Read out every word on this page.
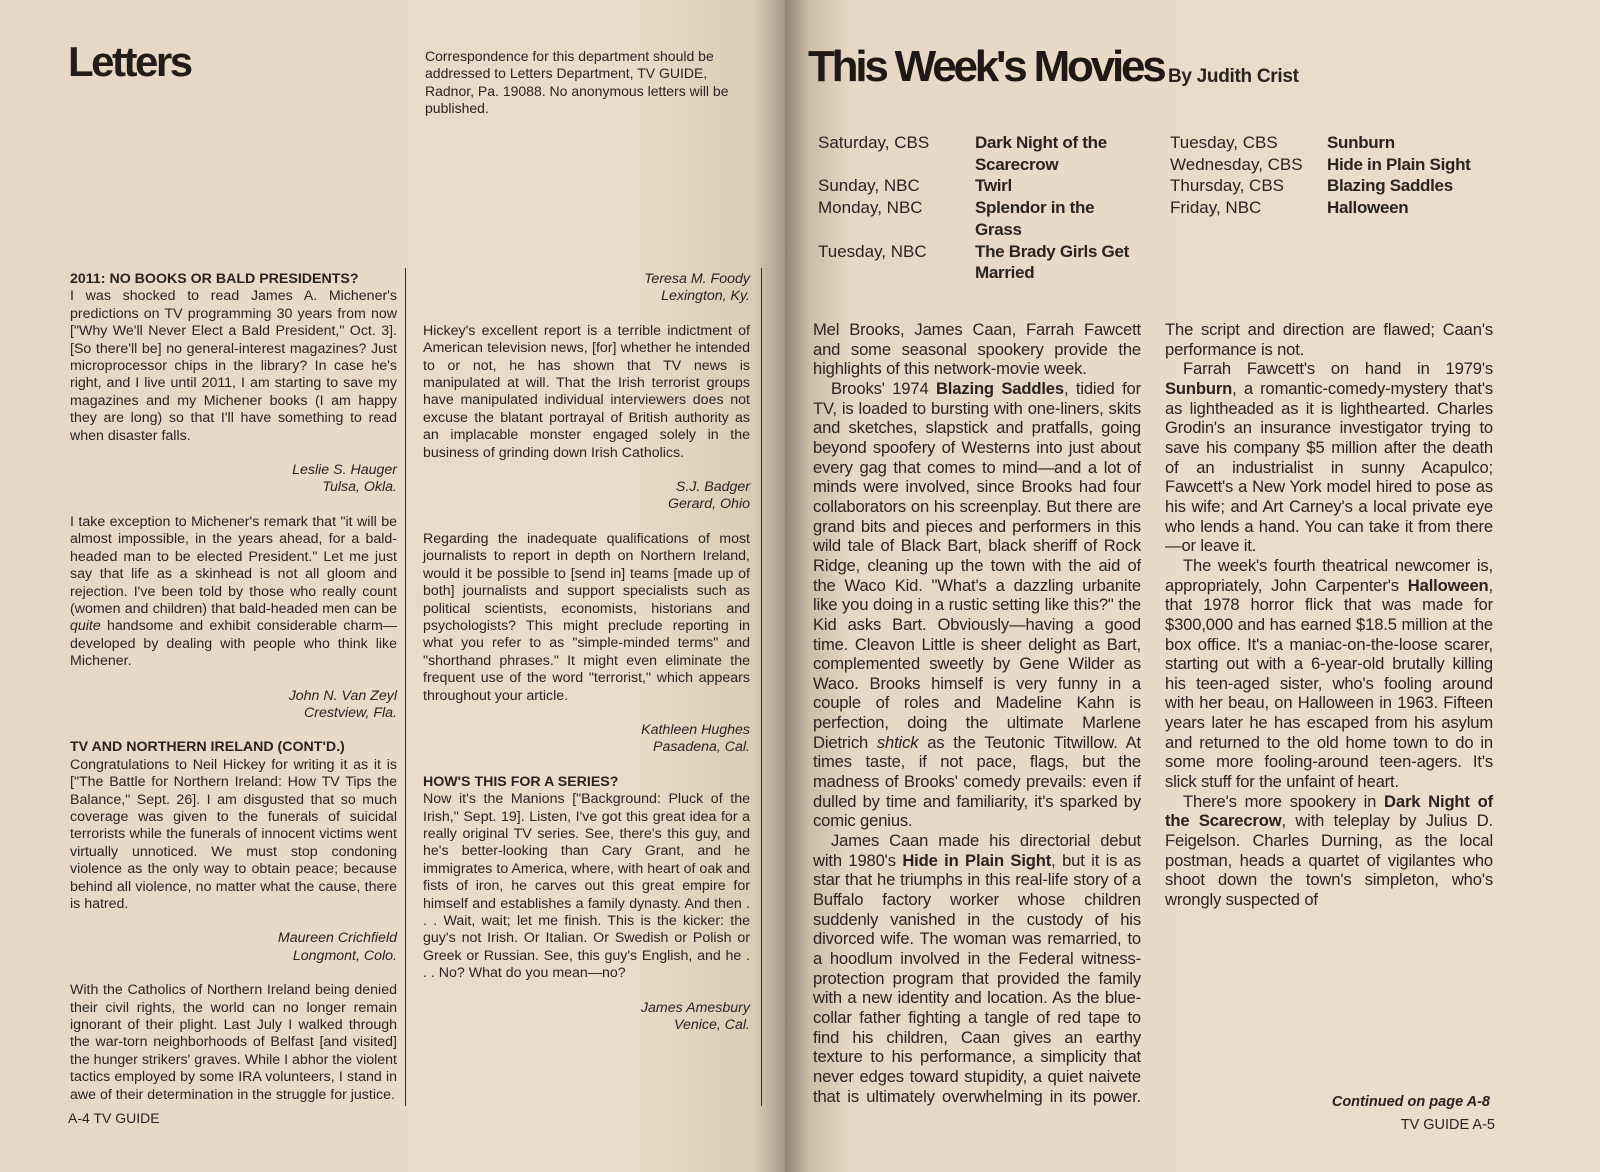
Letters	Correspondence for this department should be addressed to Letters Department, TV GUIDE, Radnor, Pa. 19088. No anonymous letters will be published.
2011: NO BOOKS OR BALD PRESIDENTS?

I was shocked to read James A. Michener's predictions on TV programming 30 years from now ["Why We'll Never Elect a Bald President," Oct. 3]. [So there'll be] no general-interest magazines? Just microprocessor chips in the library? In case he's right, and I live until 2011, I am starting to save my magazines and my Michener books (I am happy they are long) so that I'll have something to read when disaster falls.

Leslie S. Hauger
Tulsa, Okla.

I take exception to Michener's remark that "it will be almost impossible, in the years ahead, for a bald-headed man to be elected President." Let me just say that life as a skinhead is not all gloom and rejection. I've been told by those who really count (women and children) that bald-headed men can be quite handsome and exhibit considerable charm—developed by dealing with people who think like Michener.

John N. Van Zeyl
Crestview, Fla.
TV AND NORTHERN IRELAND (CONT'D.)

Congratulations to Neil Hickey for writing it as it is ["The Battle for Northern Ireland: How TV Tips the Balance," Sept. 26]. I am disgusted that so much coverage was given to the funerals of suicidal terrorists while the funerals of innocent victims went virtually unnoticed. We must stop condoning violence as the only way to obtain peace; because behind all violence, no matter what the cause, there is hatred.

Maureen Crichfield
Longmont, Colo.

With the Catholics of Northern Ireland being denied their civil rights, the world can no longer remain ignorant of their plight. Last July I walked through the war-torn neighborhoods of Belfast [and visited] the hunger strikers' graves. While I abhor the violent tactics employed by some IRA volunteers, I stand in awe of their determination in the struggle for justice.

Teresa M. Foody
Lexington, Ky.

Hickey's excellent report is a terrible indictment of American television news, [for] whether he intended to or not, he has shown that TV news is manipulated at will. That the Irish terrorist groups have manipulated individual interviewers does not excuse the blatant portrayal of British authority as an implacable monster engaged solely in the business of grinding down Irish Catholics.

S.J. Badger
Gerard, Ohio

Regarding the inadequate qualifications of most journalists to report in depth on Northern Ireland, would it be possible to [send in] teams [made up of both] journalists and support specialists such as political scientists, economists, historians and psychologists? This might preclude reporting in what you refer to as "simple-minded terms" and "shorthand phrases." It might even eliminate the frequent use of the word "terrorist," which appears throughout your article.

Kathleen Hughes
Pasadena, Cal.
HOW'S THIS FOR A SERIES?

Now it's the Manions ["Background: Pluck of the Irish," Sept. 19]. Listen, I've got this great idea for a really original TV series. See, there's this guy, and he's better-looking than Cary Grant, and he immigrates to America, where, with heart of oak and fists of iron, he carves out this great empire for himself and establishes a family dynasty. And then . . . Wait, wait; let me finish. This is the kicker: the guy's not Irish. Or Italian. Or Swedish or Polish or Greek or Russian. See, this guy's English, and he . . . No? What do you mean—no?

James Amesbury
Venice, Cal.
A-4 TV GUIDE
This Week's Movies By Judith Crist
Saturday, CBS	Dark Night of the Scarecrow
Sunday, NBC	Twirl
Monday, NBC	Splendor in the Grass
Tuesday, NBC	The Brady Girls Get Married
Tuesday, CBS	Sunburn
Wednesday, CBS	Hide in Plain Sight
Thursday, CBS	Blazing Saddles
Friday, NBC	Halloween

Mel Brooks, James Caan, Farrah Fawcett and some seasonal spookery provide the highlights of this network-movie week.

Brooks' 1974 Blazing Saddles, tidied for TV, is loaded to bursting with one-liners, skits and sketches, slapstick and pratfalls, going beyond spoofery of Westerns into just about every gag that comes to mind—and a lot of minds were involved, since Brooks had four collaborators on his screenplay. But there are grand bits and pieces and performers in this wild tale of Black Bart, black sheriff of Rock Ridge, cleaning up the town with the aid of the Waco Kid. "What's a dazzling urbanite like you doing in a rustic setting like this?" the Kid asks Bart. Obviously—having a good time. Cleavon Little is sheer delight as Bart, complemented sweetly by Gene Wilder as Waco. Brooks himself is very funny in a couple of roles and Madeline Kahn is perfection, doing the ultimate Marlene Dietrich shtick as the Teutonic Titwillow. At times taste, if not pace, flags, but the madness of Brooks' comedy prevails: even if dulled by time and familiarity, it's sparked by comic genius.

James Caan made his directorial debut with 1980's Hide in Plain Sight, but it is as star that he triumphs in this real-life story of a Buffalo factory worker whose children suddenly vanished in the custody of his divorced wife. The woman was remarried, to a hoodlum involved in the Federal witness-protection program that provided the family with a new identity and location. As the blue-collar father fighting a tangle of red tape to find his children, Caan gives an earthy texture to his performance, a simplicity that never edges toward stupidity, a quiet naivete that is ultimately overwhelming in its power. The script and direction are flawed; Caan's performance is not.

Farrah Fawcett's on hand in 1979's Sunburn, a romantic-comedy-mystery that's as lightheaded as it is lighthearted. Charles Grodin's an insurance investigator trying to save his company $5 million after the death of an industrialist in sunny Acapulco; Fawcett's a New York model hired to pose as his wife; and Art Carney's a local private eye who lends a hand. You can take it from there—or leave it.

The week's fourth theatrical newcomer is, appropriately, John Carpenter's Halloween, that 1978 horror flick that was made for $300,000 and has earned $18.5 million at the box office. It's a maniac-on-the-loose scarer, starting out with a 6-year-old brutally killing his teen-aged sister, who's fooling around with her beau, on Halloween in 1963. Fifteen years later he has escaped from his asylum and returned to the old home town to do in some more fooling-around teen-agers. It's slick stuff for the unfaint of heart.

There's more spookery in Dark Night of the Scarecrow, with teleplay by Julius D. Feigelson. Charles Durning, as the local postman, heads a quartet of vigilantes who shoot down the town's simpleton, who's wrongly suspected of

Continued on page A-8
TV GUIDE A-5
